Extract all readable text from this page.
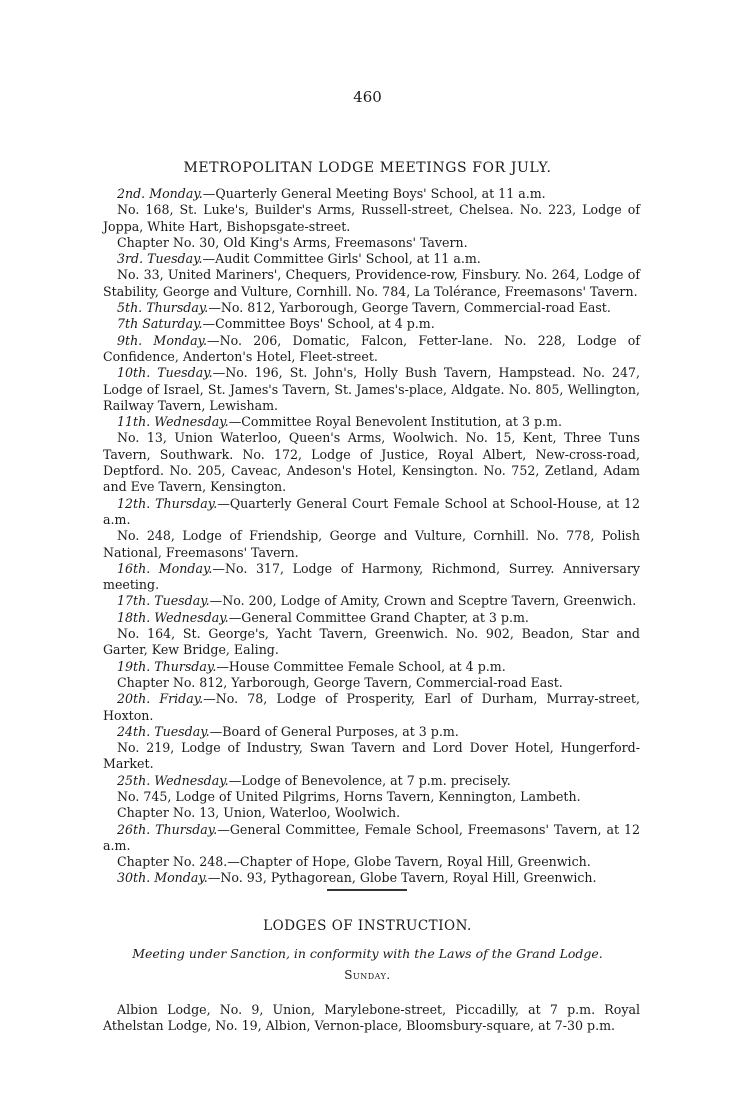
460
METROPOLITAN LODGE MEETINGS FOR JULY.

2nd. Monday.—Quarterly General Meeting Boys' School, at 11 a.m.

No. 168, St. Luke's, Builder's Arms, Russell-street, Chelsea. No. 223, Lodge of Joppa, White Hart, Bishopsgate-street.

Chapter No. 30, Old King's Arms, Freemasons' Tavern.

3rd. Tuesday.—Audit Committee Girls' School, at 11 a.m.

No. 33, United Mariners', Chequers, Providence-row, Finsbury. No. 264, Lodge of Stability, George and Vulture, Cornhill. No. 784, La Tolérance, Freemasons' Tavern.

5th. Thursday.—No. 812, Yarborough, George Tavern, Commercial-road East.

7th Saturday.—Committee Boys' School, at 4 p.m.

9th. Monday.—No. 206, Domatic, Falcon, Fetter-lane. No. 228, Lodge of Confidence, Anderton's Hotel, Fleet-street.

10th. Tuesday.—No. 196, St. John's, Holly Bush Tavern, Hampstead. No. 247, Lodge of Israel, St. James's Tavern, St. James's-place, Aldgate. No. 805, Wellington, Railway Tavern, Lewisham.

11th. Wednesday.—Committee Royal Benevolent Institution, at 3 p.m.

No. 13, Union Waterloo, Queen's Arms, Woolwich. No. 15, Kent, Three Tuns Tavern, Southwark. No. 172, Lodge of Justice, Royal Albert, New-cross-road, Deptford. No. 205, Caveac, Andeson's Hotel, Kensington. No. 752, Zetland, Adam and Eve Tavern, Kensington.

12th. Thursday.—Quarterly General Court Female School at School-House, at 12 a.m.

No. 248, Lodge of Friendship, George and Vulture, Cornhill. No. 778, Polish National, Freemasons' Tavern.

16th. Monday.—No. 317, Lodge of Harmony, Richmond, Surrey. Anniversary meeting.

17th. Tuesday.—No. 200, Lodge of Amity, Crown and Sceptre Tavern, Greenwich.

18th. Wednesday.—General Committee Grand Chapter, at 3 p.m.

No. 164, St. George's, Yacht Tavern, Greenwich. No. 902, Beadon, Star and Garter, Kew Bridge, Ealing.

19th. Thursday.—House Committee Female School, at 4 p.m.

Chapter No. 812, Yarborough, George Tavern, Commercial-road East.

20th. Friday.—No. 78, Lodge of Prosperity, Earl of Durham, Murray-street, Hoxton.

24th. Tuesday.—Board of General Purposes, at 3 p.m.

No. 219, Lodge of Industry, Swan Tavern and Lord Dover Hotel, Hungerford-Market.

25th. Wednesday.—Lodge of Benevolence, at 7 p.m. precisely.

No. 745, Lodge of United Pilgrims, Horns Tavern, Kennington, Lambeth.

Chapter No. 13, Union, Waterloo, Woolwich.

26th. Thursday.—General Committee, Female School, Freemasons' Tavern, at 12 a.m.

Chapter No. 248.—Chapter of Hope, Globe Tavern, Royal Hill, Greenwich.

30th. Monday.—No. 93, Pythagorean, Globe Tavern, Royal Hill, Greenwich.

LODGES OF INSTRUCTION.
Meeting under Sanction, in conformity with the Laws of the Grand Lodge.
Sunday.

Albion Lodge, No. 9, Union, Marylebone-street, Piccadilly, at 7 p.m. Royal Athelstan Lodge, No. 19, Albion, Vernon-place, Bloomsbury-square, at 7-30 p.m.
